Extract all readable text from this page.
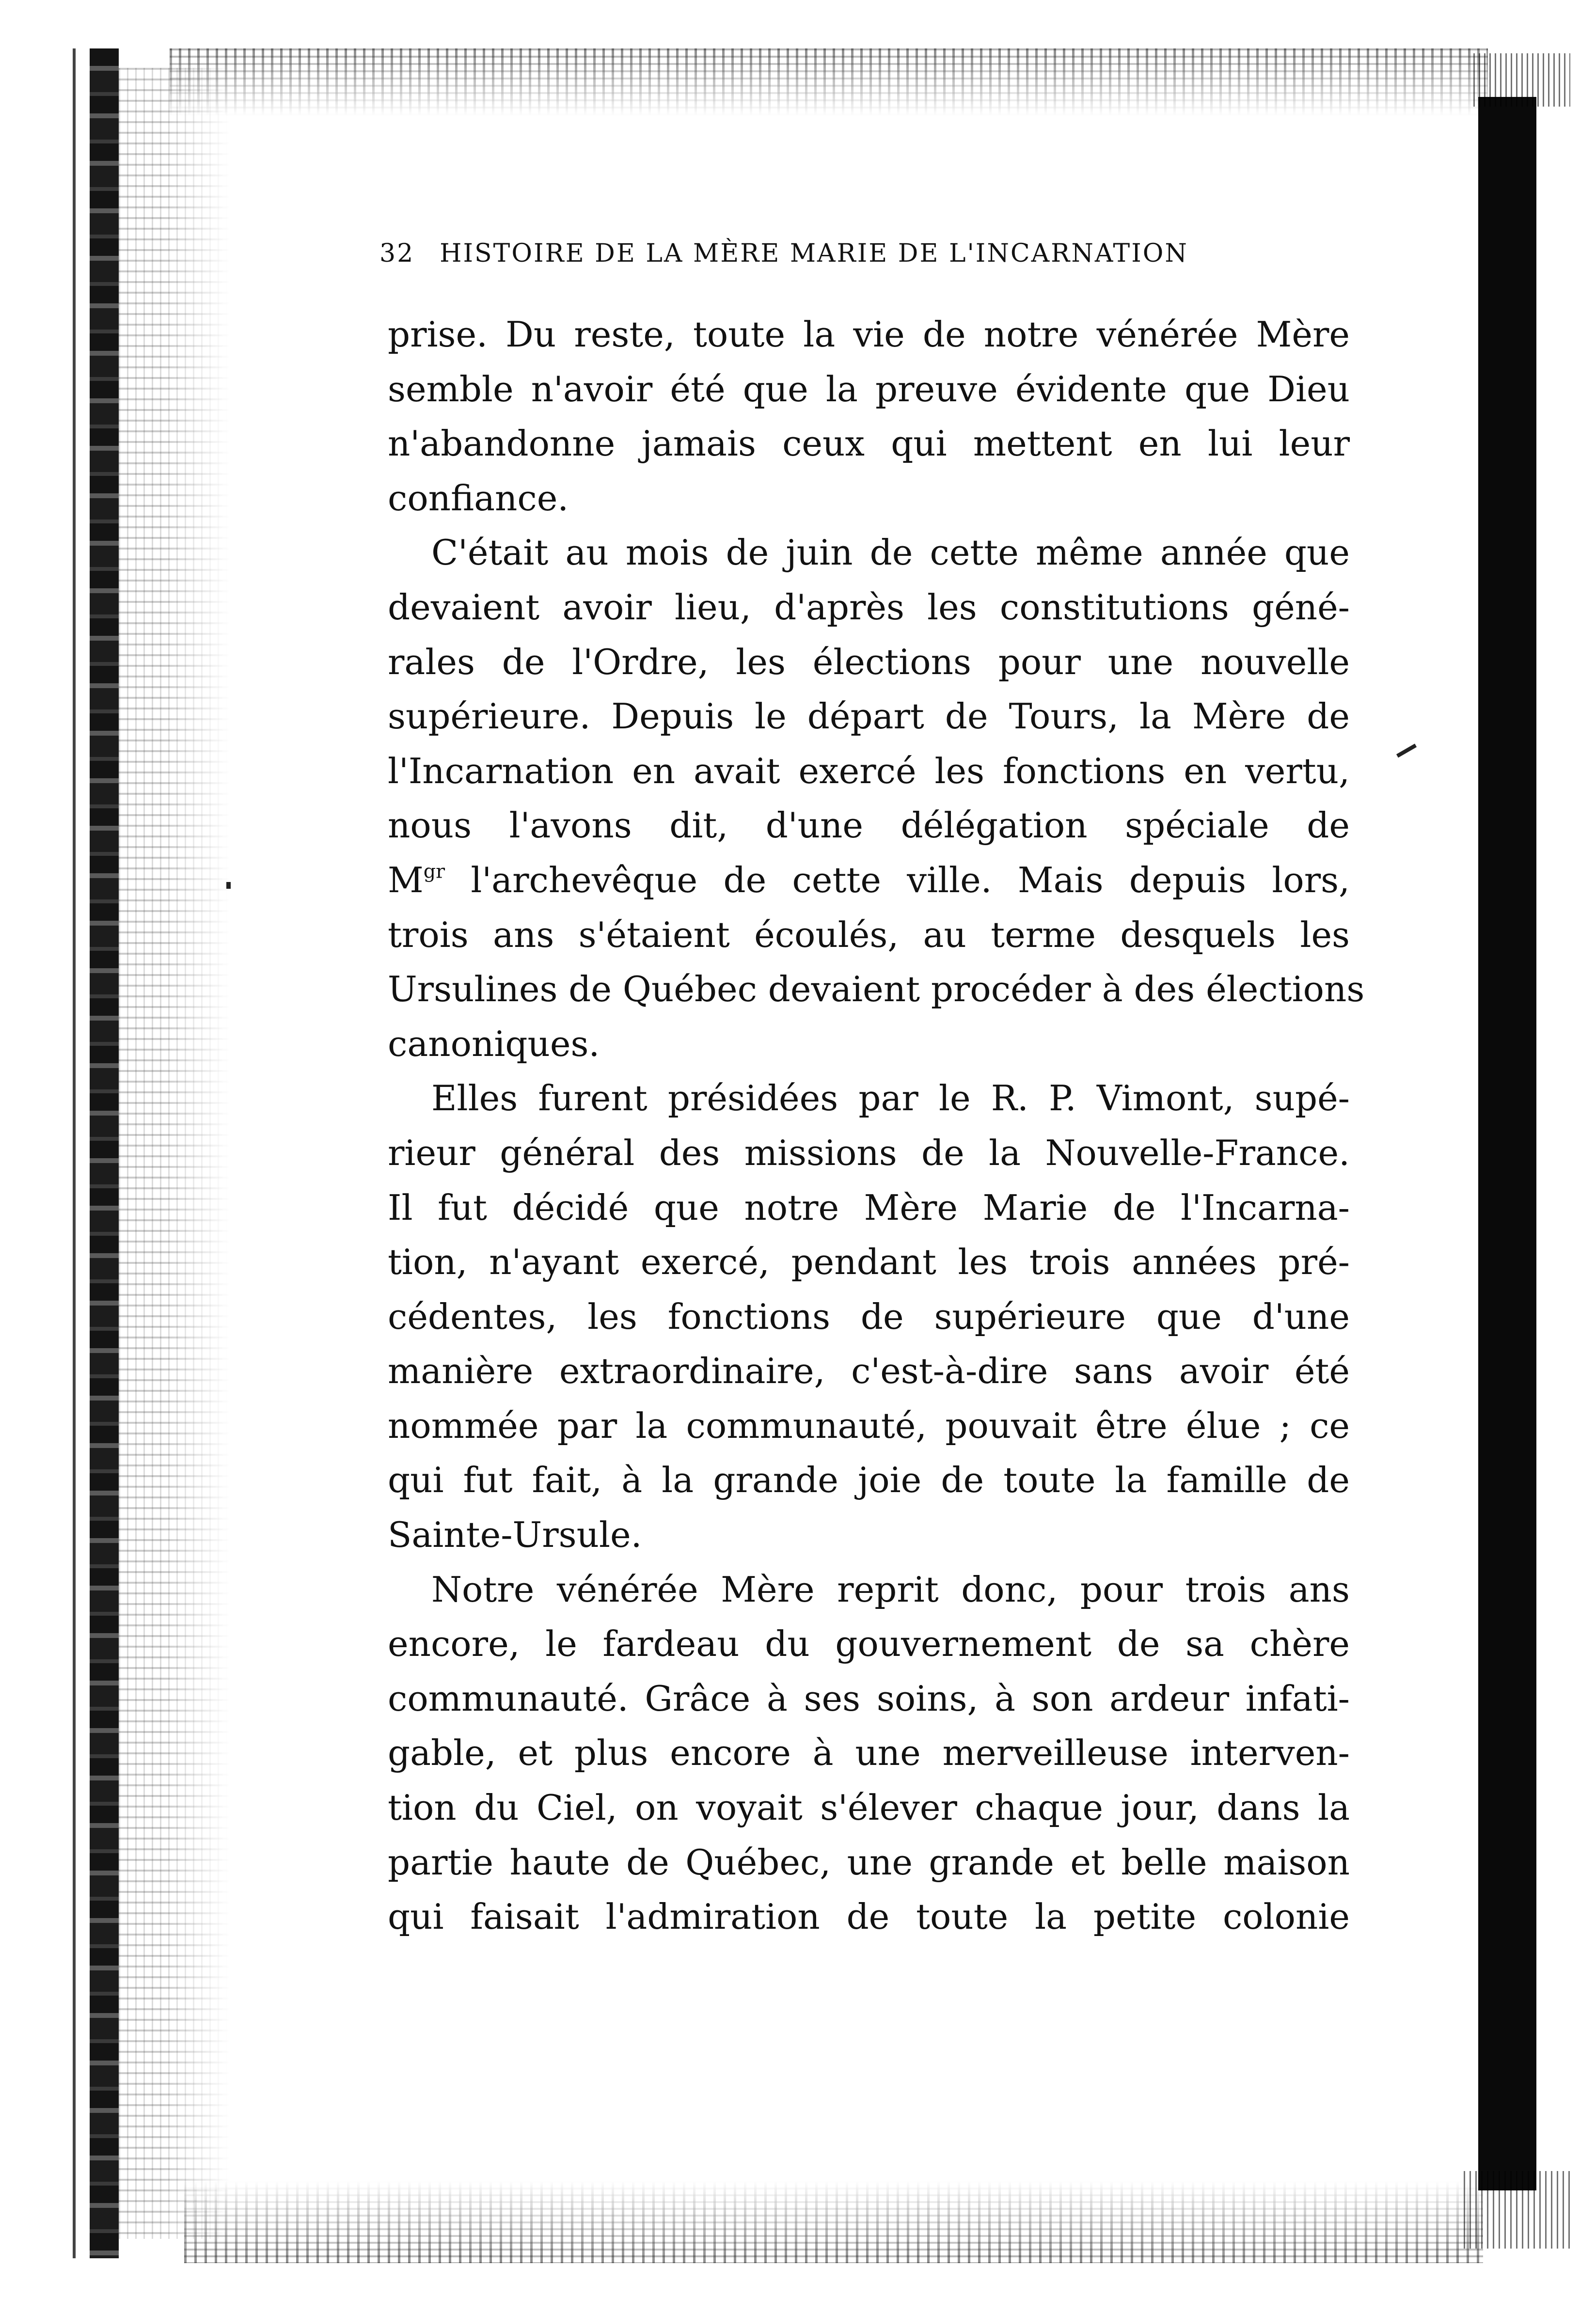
32 HISTOIRE DE LA MÈRE MARIE DE L'INCARNATION
prise. Du reste, toute la vie de notre vénérée Mère
semble n'avoir été que la preuve évidente que Dieu
n'abandonne jamais ceux qui mettent en lui leur
confiance.
C'était au mois de juin de cette même année que
devaient avoir lieu, d'après les constitutions géné-
rales de l'Ordre, les élections pour une nouvelle
supérieure. Depuis le départ de Tours, la Mère de
l'Incarnation en avait exercé les fonctions en vertu,
nous l'avons dit, d'une délégation spéciale de
$M^{gr}$ l'archevêque de cette ville. Mais depuis lors,
trois ans s'étaient écoulés, au terme desquels les
Ursulines de Québec devaient procéder à des élections
canoniques.
Elles furent présidées par le R. P. Vimont, supé-
rieur général des missions de la Nouvelle-France.
Il fut décidé que notre Mère Marie de l'Incarna-
tion, n'ayant exercé, pendant les trois années pré-
cédentes, les fonctions de supérieure que d'une
manière extraordinaire, c'est-à-dire sans avoir été
nommée par la communauté, pouvait être élue ; ce
qui fut fait, à la grande joie de toute la famille de
Sainte-Ursule.
Notre vénérée Mère reprit donc, pour trois ans
encore, le fardeau du gouvernement de sa chère
communauté. Grâce à ses soins, à son ardeur infati-
gable, et plus encore à une merveilleuse interven-
tion du Ciel, on voyait s'élever chaque jour, dans la
partie haute de Québec, une grande et belle maison
qui faisait l'admiration de toute la petite colonie
